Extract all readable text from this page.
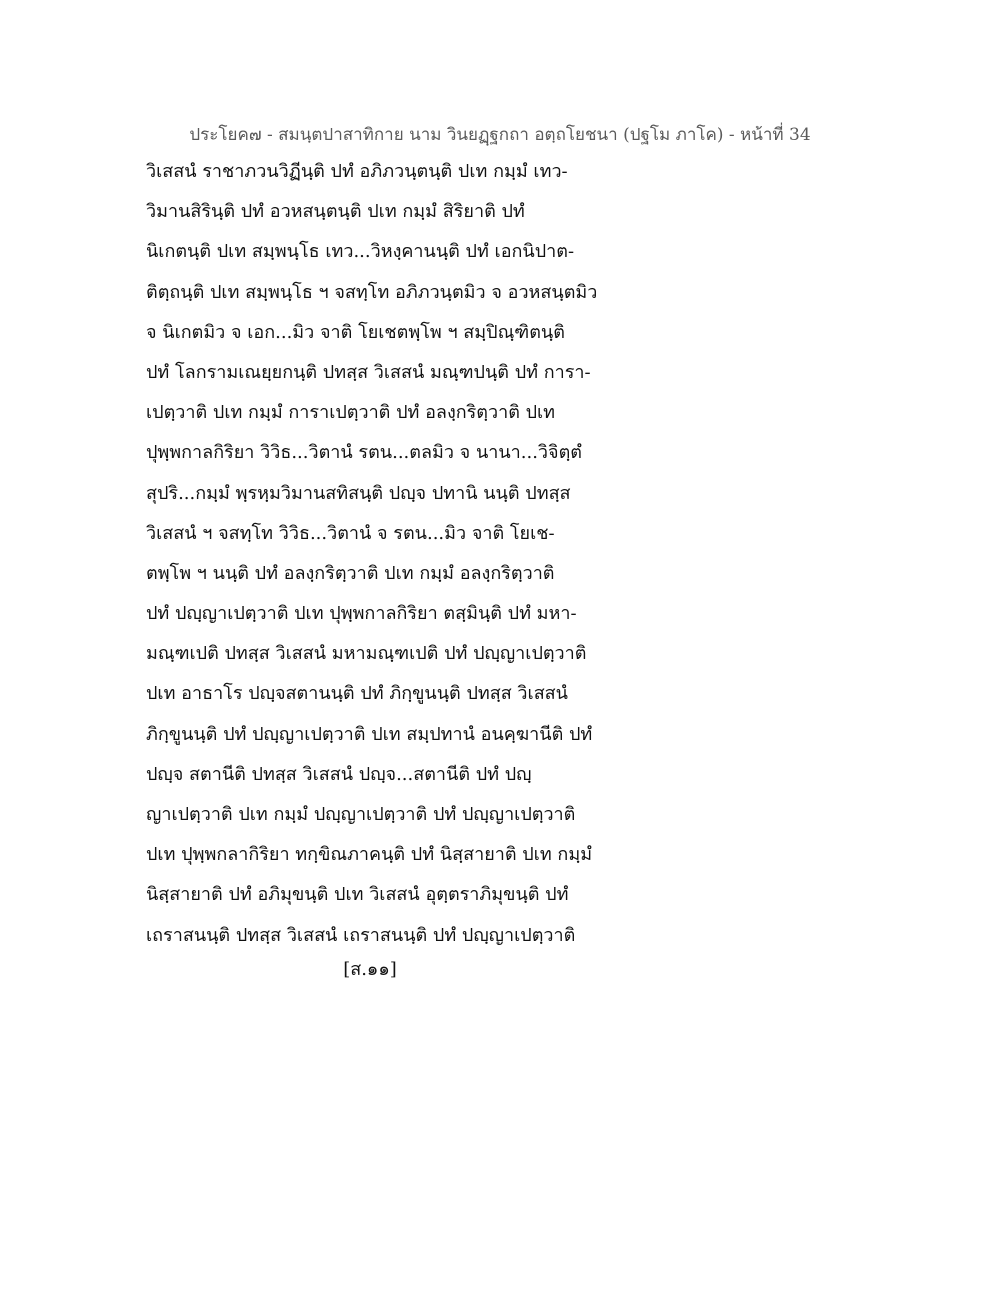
ประโยค๗ - สมนฺตปาสาทิกาย นาม วินยฏฺฐกถา อตฺถโยชนา (ปฐโม ภาโค) - หน้าที่ 34
วิเสสนํ ราชาภวนวิฏีนฺติ ปทํ อภิภวนฺตนฺติ ปเท กมฺมํ เทว-
วิมานสิรินฺติ ปทํ อวหสนฺตนฺติ ปเท กมฺมํ สิริยาติ ปทํ
นิเกตนฺติ ปเท สมฺพนฺโธ เทว...วิหงฺคานนฺติ ปทํ เอกนิปาต-
ติตฺถนฺติ ปเท สมฺพนฺโธ ฯ จสทฺโท อภิภวนฺตมิว จ อวหสนฺตมิว
จ นิเกตมิว จ เอก...มิว จาติ โยเชตพฺโพ ฯ สมฺปิณฺฑิตนฺติ
ปทํ โลกรามเณยฺยกนฺติ ปทสฺส วิเสสนํ มณฺฑปนฺติ ปทํ การา-
เปตฺวาติ ปเท กมฺมํ การาเปตฺวาติ ปทํ อลงฺกริตฺวาติ ปเท
ปุพฺพกาลกิริยา วิวิธ...วิตานํ รตน...ตลมิว จ นานา...วิจิตฺตํ
สุปริ...กมฺมํ พฺรหฺมวิมานสทิสนฺติ ปญฺจ ปทานิ นนฺติ ปทสฺส
วิเสสนํ ฯ จสทฺโท วิวิธ...วิตานํ จ รตน...มิว จาติ โยเช-
ตพฺโพ ฯ นนฺติ ปทํ อลงฺกริตฺวาติ ปเท กมฺมํ อลงฺกริตฺวาติ
ปทํ ปญฺญาเปตฺวาติ ปเท ปุพฺพกาลกิริยา ตสฺมินฺติ ปทํ มหา-
มณฺฑเปติ ปทสฺส วิเสสนํ มหามณฺฑเปติ ปทํ ปญฺญาเปตฺวาติ
ปเท อาธาโร ปญฺจสตานนฺติ ปทํ ภิกฺขูนนฺติ ปทสฺส วิเสสนํ
ภิกฺขูนนฺติ ปทํ ปญฺญาเปตฺวาติ ปเท สมฺปทานํ อนคฺฆานีติ ปทํ
ปญฺจ สตานีติ ปทสฺส วิเสสนํ ปญฺจ...สตานีติ ปทํ ปญฺ
ญาเปตฺวาติ ปเท กมฺมํ ปญฺญาเปตฺวาติ ปทํ ปญฺญาเปตฺวาติ
ปเท ปุพฺพกลากิริยา ทกฺขิณภาคนฺติ ปทํ นิสฺสายาติ ปเท กมฺมํ
นิสฺสายาติ ปทํ อภิมุขนฺติ ปเท วิเสสนํ อุตฺตราภิมุขนฺติ ปทํ
เถราสนนฺติ ปทสฺส วิเสสนํ เถราสนนฺติ ปทํ ปญฺญาเปตฺวาติ
[ส.๑๑]
